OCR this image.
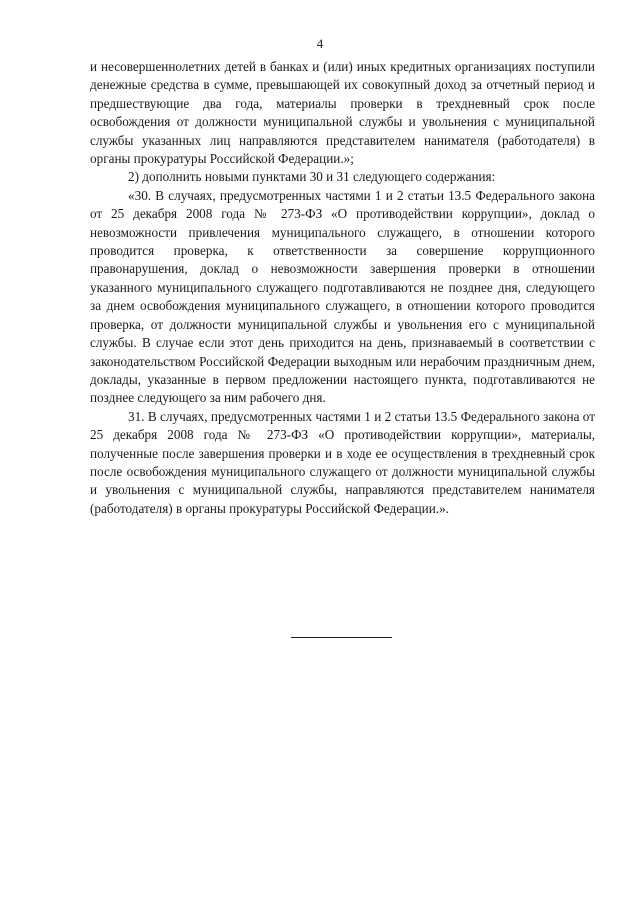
4

и несовершеннолетних детей в банках и (или) иных кредитных организациях поступили денежные средства в сумме, превышающей их совокупный доход за отчетный период и предшествующие два года, материалы проверки в трехдневный срок после освобождения от должности муниципальной службы и увольнения с муниципальной службы указанных лиц направляются представителем нанимателя (работодателя) в органы прокуратуры Российской Федерации.»;

2) дополнить новыми пунктами 30 и 31 следующего содержания:

«30. В случаях, предусмотренных частями 1 и 2 статьи 13.5 Федерального закона от 25 декабря 2008 года № 273-ФЗ «О противодействии коррупции», доклад о невозможности привлечения муниципального служащего, в отношении которого проводится проверка, к ответственности за совершение коррупционного правонарушения, доклад о невозможности завершения проверки в отношении указанного муниципального служащего подготавливаются не позднее дня, следующего за днем освобождения муниципального служащего, в отношении которого проводится проверка, от должности муниципальной службы и увольнения его с муниципальной службы. В случае если этот день приходится на день, признаваемый в соответствии с законодательством Российской Федерации выходным или нерабочим праздничным днем, доклады, указанные в первом предложении настоящего пункта, подготавливаются не позднее следующего за ним рабочего дня.

31. В случаях, предусмотренных частями 1 и 2 статьи 13.5 Федерального закона от 25 декабря 2008 года № 273-ФЗ «О противодействии коррупции», материалы, полученные после завершения проверки и в ходе ее осуществления в трехдневный срок после освобождения муниципального служащего от должности муниципальной службы и увольнения с муниципальной службы, направляются представителем нанимателя (работодателя) в органы прокуратуры Российской Федерации.».
